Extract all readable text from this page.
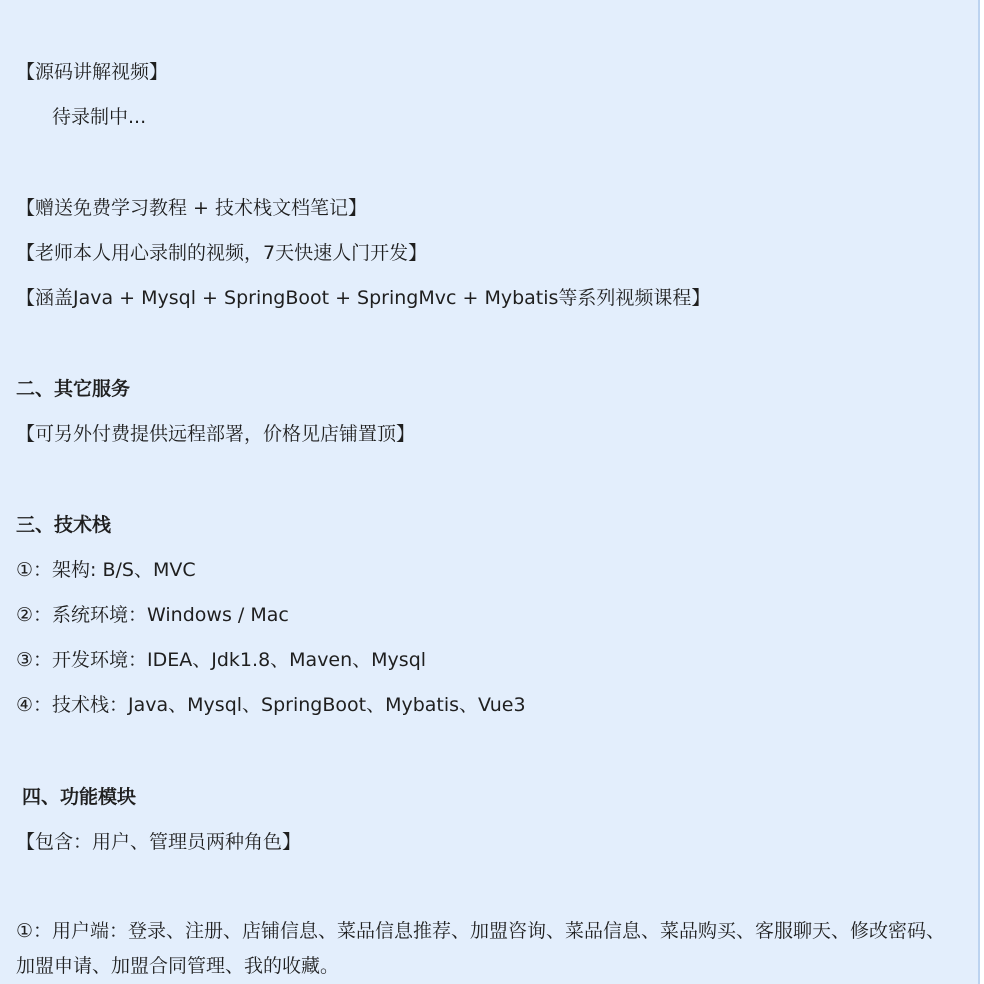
【源码讲解视频】
待录制中...
【赠送免费学习教程 + 技术栈文档笔记】
【老师本人用心录制的视频，7天快速人门开发】
【涵盖Java + Mysql + SpringBoot + SpringMvc + Mybatis等系列视频课程】
二、其它服务
【可另外付费提供远程部署，价格见店铺置顶】
三、技术栈
①：架构: B/S、MVC
②：系统环境：Windows / Mac
③：开发环境：IDEA、Jdk1.8、Maven、Mysql
④：技术栈：Java、Mysql、SpringBoot、Mybatis、Vue3
四、功能模块
【包含：用户、管理员两种角色】
①：用户端：登录、注册、店铺信息、菜品信息推荐、加盟咨询、菜品信息、菜品购买、客服聊天、修改密码、加盟申请、加盟合同管理、我的收藏。
